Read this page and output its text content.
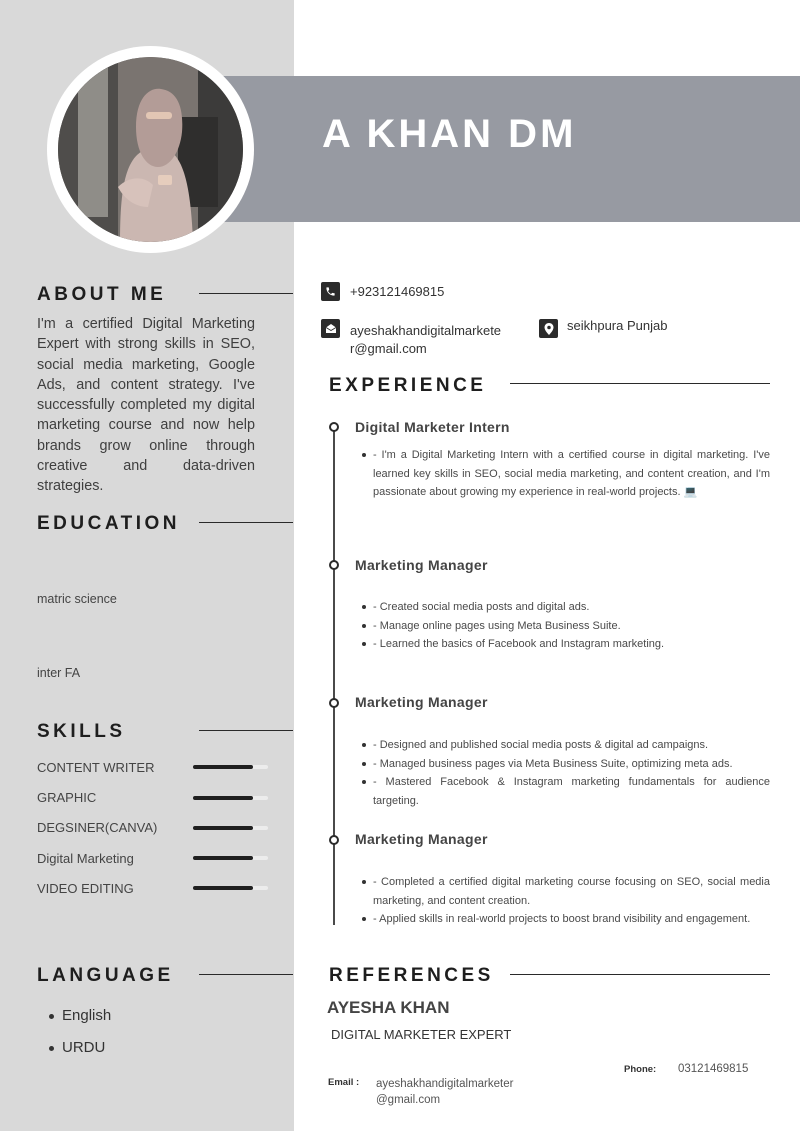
A KHAN DM
ABOUT ME
I'm a certified Digital Marketing Expert with strong skills in SEO, social media marketing, Google Ads, and content strategy. I've successfully completed my digital marketing course and now help brands grow online through creative and data-driven strategies.
EDUCATION
matric science
inter FA
SKILLS
CONTENT WRITER
GRAPHIC
DEGSINER(CANVA)
Digital Marketing
VIDEO EDITING
LANGUAGE
English
URDU
+923121469815
ayeshakhandigitalmarkete
r@gmail.com
seikhpura Punjab
EXPERIENCE
Digital Marketer Intern
- I'm a Digital Marketing Intern with a certified course in digital marketing. I've learned key skills in SEO, social media marketing, and content creation, and I'm passionate about growing my experience in real-world projects. 💻
Marketing Manager
- Created social media posts and digital ads.
- Manage online pages using Meta Business Suite.
- Learned the basics of Facebook and Instagram marketing.
Marketing Manager
- Designed and published social media posts & digital ad campaigns.
- Managed business pages via Meta Business Suite, optimizing meta ads.
- Mastered Facebook & Instagram marketing fundamentals for audience targeting.
Marketing Manager
- Completed a certified digital marketing course focusing on SEO, social media marketing, and content creation.
- Applied skills in real-world projects to boost brand visibility and engagement.
REFERENCES
AYESHA KHAN
DIGITAL MARKETER EXPERT
Phone: 03121469815
Email : ayeshakhandigitalmarketer
@gmail.com
